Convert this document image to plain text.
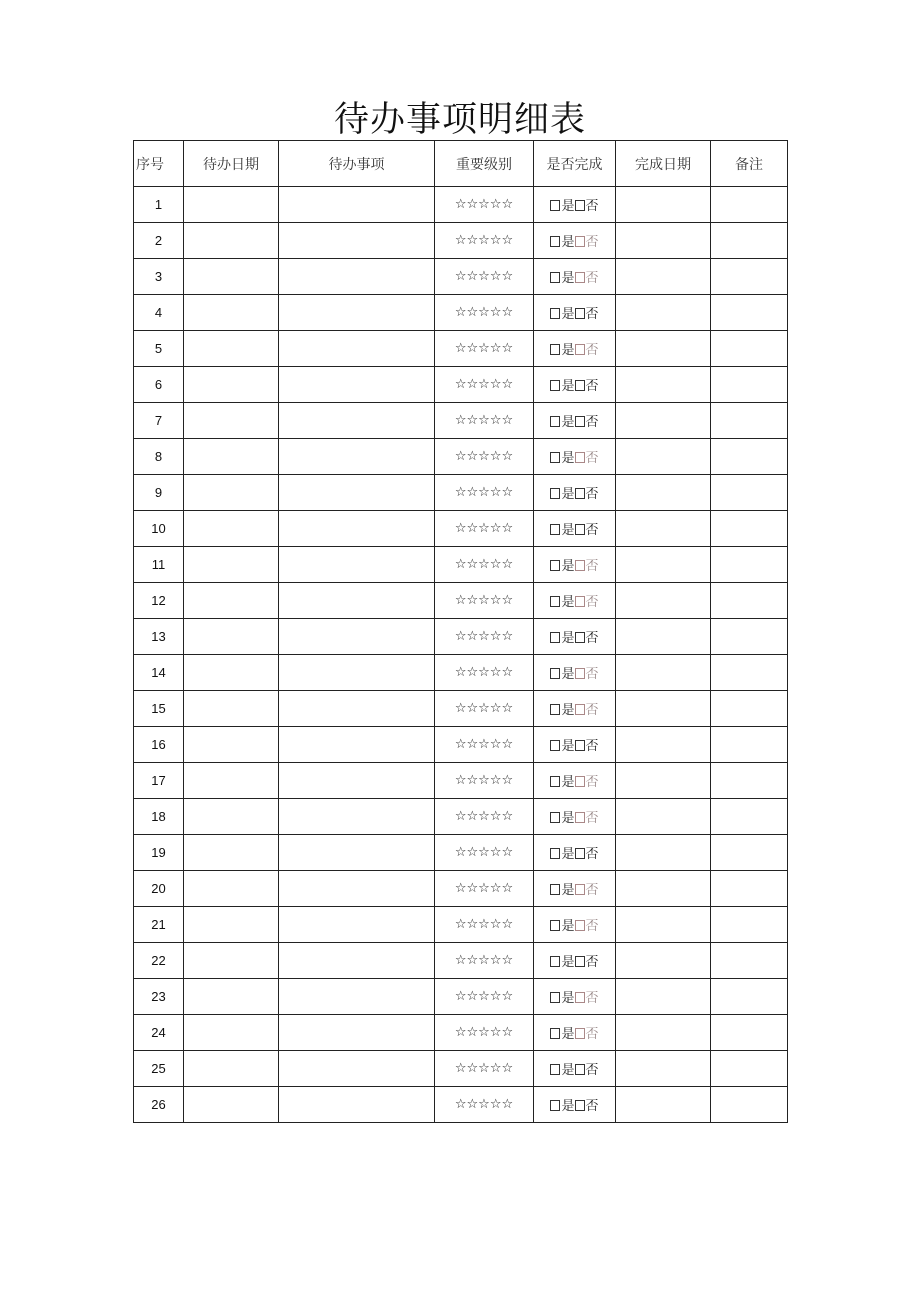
待办事项明细表
序号	待办日期	待办事项	重要级别	是否完成	完成日期	备注
1			☆☆☆☆☆	是 否		
2			☆☆☆☆☆	是 否		
3			☆☆☆☆☆	是 否		
4			☆☆☆☆☆	是 否		
5			☆☆☆☆☆	是 否		
6			☆☆☆☆☆	是 否		
7			☆☆☆☆☆	是 否		
8			☆☆☆☆☆	是 否		
9			☆☆☆☆☆	是 否		
10			☆☆☆☆☆	是 否		
11			☆☆☆☆☆	是 否		
12			☆☆☆☆☆	是 否		
13			☆☆☆☆☆	是 否		
14			☆☆☆☆☆	是 否		
15			☆☆☆☆☆	是 否		
16			☆☆☆☆☆	是 否		
17			☆☆☆☆☆	是 否		
18			☆☆☆☆☆	是 否		
19			☆☆☆☆☆	是 否		
20			☆☆☆☆☆	是 否		
21			☆☆☆☆☆	是 否		
22			☆☆☆☆☆	是 否		
23			☆☆☆☆☆	是 否		
24			☆☆☆☆☆	是 否		
25			☆☆☆☆☆	是 否		
26			☆☆☆☆☆	是 否		
